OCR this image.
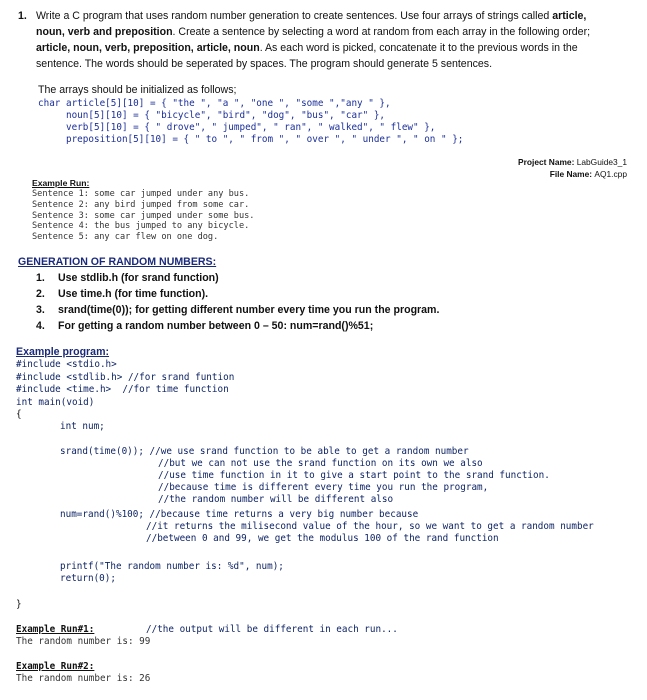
1. Write a C program that uses random number generation to create sentences. Use four arrays of strings called article,
noun, verb and preposition. Create a sentence by selecting a word at random from each array in the following order;
article, noun, verb, preposition, article, noun. As each word is picked, concatenate it to the previous words in the
sentence. The words should be seperated by spaces. The program should generate 5 sentences.
The arrays should be initialized as follows;
char article[5][10] = { "the ", "a ", "one ", "some ","any " },
noun[5][10] = { "bicycle", "bird", "dog", "bus", "car" },
verb[5][10] = { " drove", " jumped", " ran", " walked", " flew" },
preposition[5][10] = { " to ", " from ", " over ", " under ", " on " };
Project Name: LabGuide3_1
File Name: AQ1.cpp
Example Run:
Sentence 1: some car jumped under any bus.
Sentence 2: any bird jumped from some car.
Sentence 3: some car jumped under some bus.
Sentence 4: the bus jumped to any bicycle.
Sentence 5: any car flew on one dog.
GENERATION OF RANDOM NUMBERS:
1. Use stdlib.h (for srand function)
2. Use time.h (for time function).
3. srand(time(0)); for getting different number every time you run the program.
4. For getting a random number between 0 – 50: num=rand()%51;
Example program:
#include <stdio.h>
#include <stdlib.h> //for srand funtion
#include <time.h>  //for time function
int main(void)
{
int num;
srand(time(0)); //we use srand function to be able to get a random number
//but we can not use the srand function on its own we also
//use time function in it to give a start point to the srand function.
//because time is different every time you run the program,
//the random number will be different also
num=rand()%100; //because time returns a very big number because
//it returns the milisecond value of the hour, so we want to get a random number
//between 0 and 99, we get the modulus 100 of the rand function
printf("The random number is: %d", num);
return(0);
}
Example Run#1:	//the output will be different in each run...
The random number is: 99
Example Run#2:
The random number is: 26
